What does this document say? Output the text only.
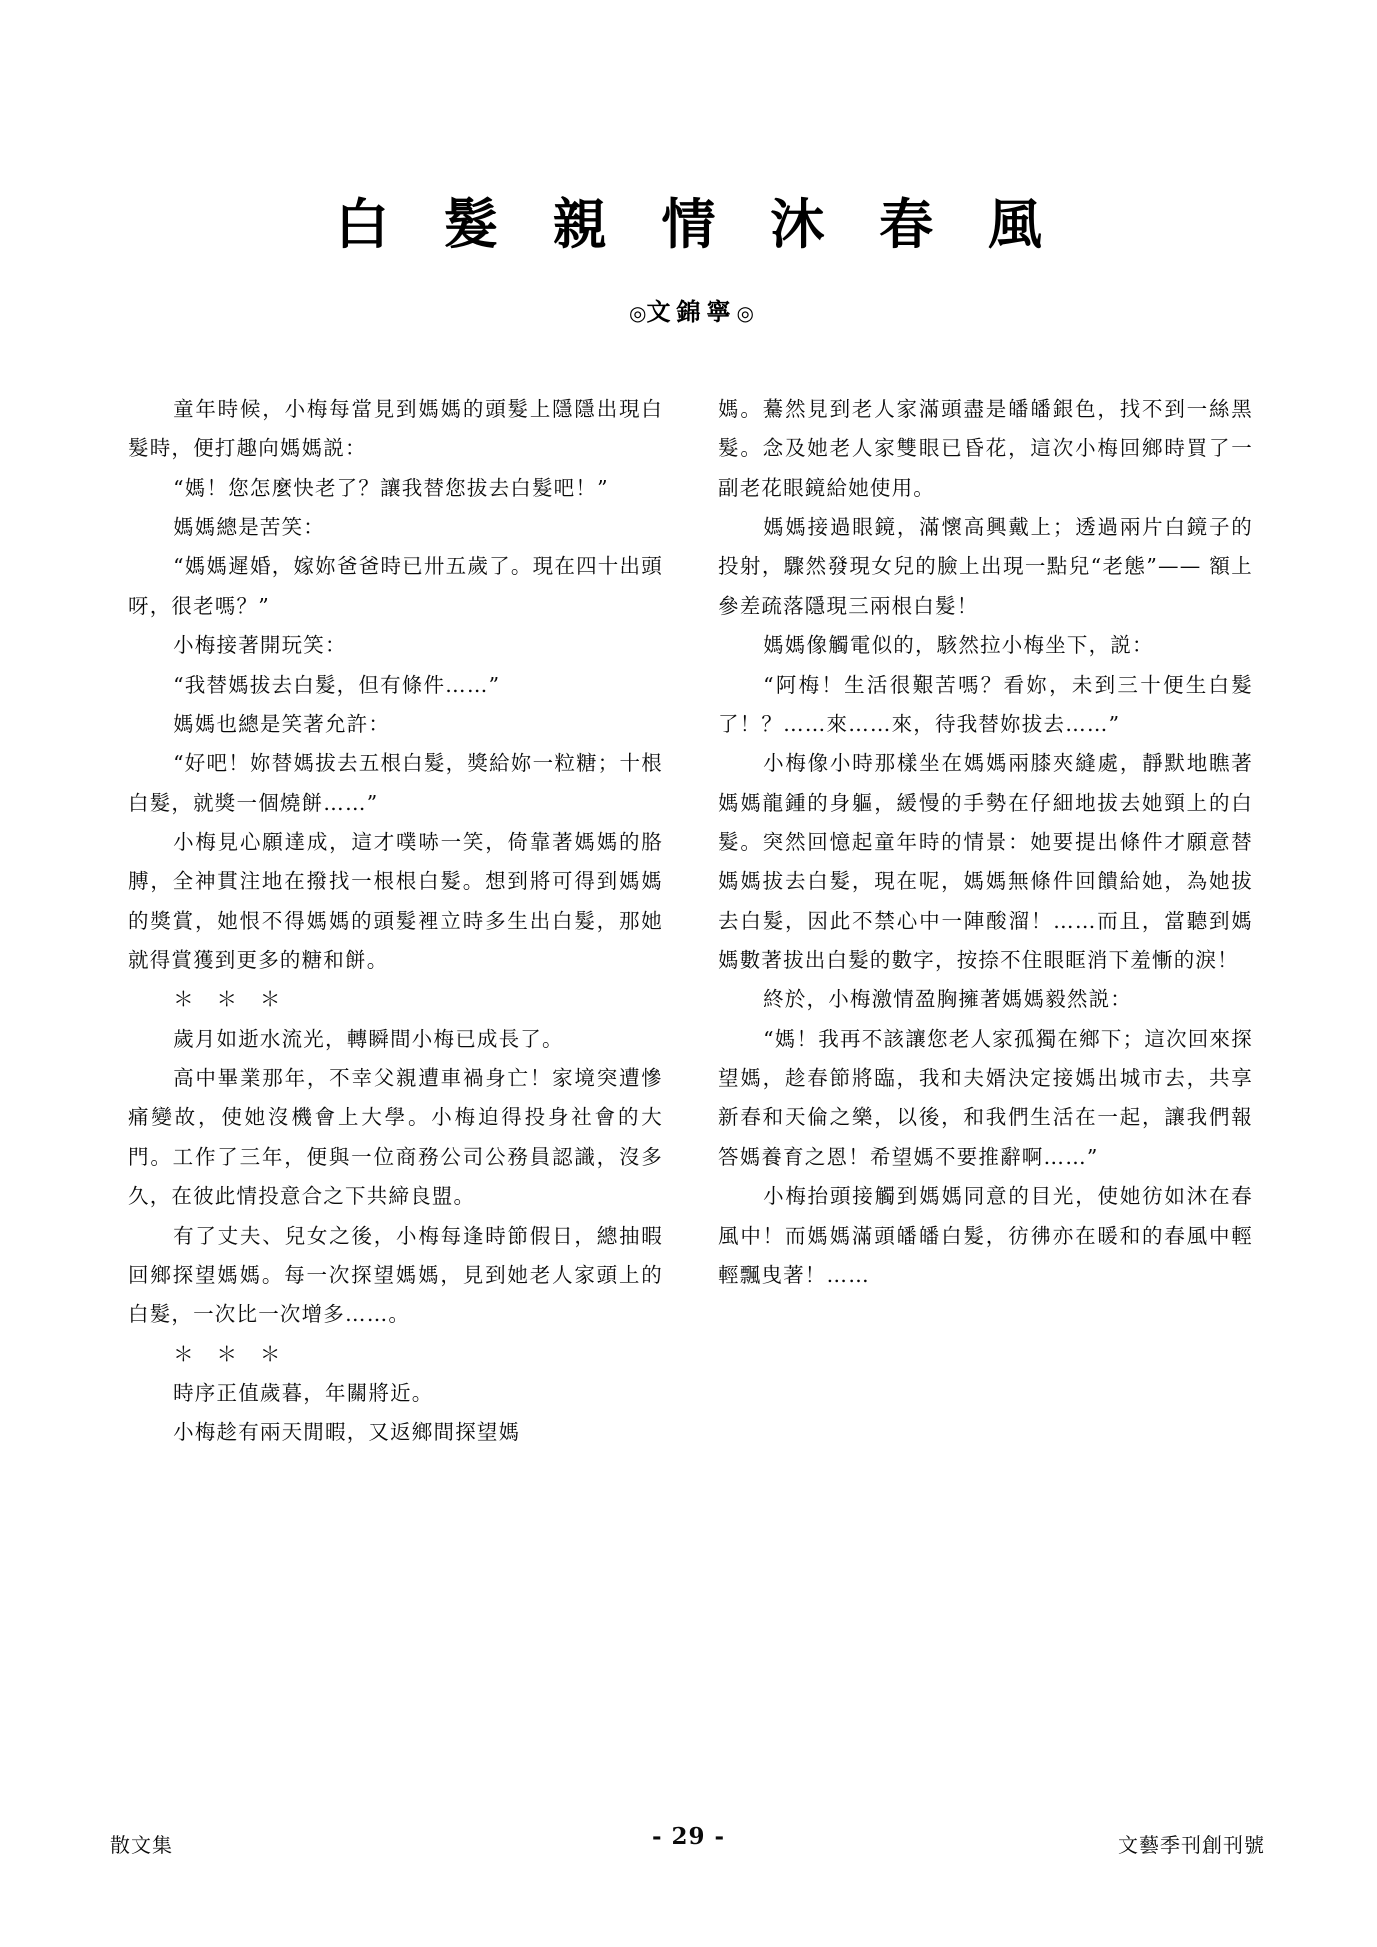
白 髮 親 情 沐 春 風
◎文錦寧◎

童年時候，小梅每當見到媽媽的頭髮上隱隱出現白髮時，便打趣向媽媽説：

“媽！您怎麼快老了？讓我替您拔去白髮吧！”

媽媽總是苦笑：

“媽媽遲婚，嫁妳爸爸時已卅五歲了。現在四十出頭呀，很老嗎？”

小梅接著開玩笑：

“我替媽拔去白髮，但有條件……”

媽媽也總是笑著允許：

“好吧！妳替媽拔去五根白髮，獎給妳一粒糖；十根白髮，就獎一個燒餅……”

小梅見心願達成，這才噗哧一笑，倚靠著媽媽的胳膊，全神貫注地在撥找一根根白髮。想到將可得到媽媽的獎賞，她恨不得媽媽的頭髮裡立時多生出白髮，那她就得賞獲到更多的糖和餅。

＊　＊　＊

歲月如逝水流光，轉瞬間小梅已成長了。

高中畢業那年，不幸父親遭車禍身亡！家境突遭慘痛變故，使她沒機會上大學。小梅迫得投身社會的大門。工作了三年，便與一位商務公司公務員認識，沒多久，在彼此情投意合之下共締良盟。

有了丈夫、兒女之後，小梅每逢時節假日，總抽暇回鄉探望媽媽。每一次探望媽媽，見到她老人家頭上的白髮，一次比一次增多……。

＊　＊　＊

時序正值歲暮，年關將近。

小梅趁有兩天閒暇，又返鄉間探望媽

媽。驀然見到老人家滿頭盡是皤皤銀色，找不到一絲黑髮。念及她老人家雙眼已昏花，這次小梅回鄉時買了一副老花眼鏡給她使用。

媽媽接過眼鏡，滿懷高興戴上；透過兩片白鏡子的投射，驟然發現女兒的臉上出現一點兒“老態”—— 額上參差疏落隱現三兩根白髮！

媽媽像觸電似的，駭然拉小梅坐下，説：

“阿梅！生活很艱苦嗎？看妳，未到三十便生白髮了！？……來……來，待我替妳拔去……”

小梅像小時那樣坐在媽媽兩膝夾縫處，靜默地瞧著媽媽龍鍾的身軀，緩慢的手勢在仔細地拔去她頸上的白髮。突然回憶起童年時的情景：她要提出條件才願意替媽媽拔去白髮，現在呢，媽媽無條件回饋給她，為她拔去白髮，因此不禁心中一陣酸溜！……而且，當聽到媽媽數著拔出白髮的數字，按捺不住眼眶消下羞慚的淚！

終於，小梅激情盈胸擁著媽媽毅然説：

“媽！我再不該讓您老人家孤獨在鄉下；這次回來探望媽，趁春節將臨，我和夫婿決定接媽出城市去，共享新春和天倫之樂，以後，和我們生活在一起，讓我們報答媽養育之恩！希望媽不要推辭啊……”

小梅抬頭接觸到媽媽同意的目光，使她彷如沐在春風中！而媽媽滿頭皤皤白髮，彷彿亦在暖和的春風中輕輕飄曳著！……

散文集	- 29 -	文藝季刊創刊號
